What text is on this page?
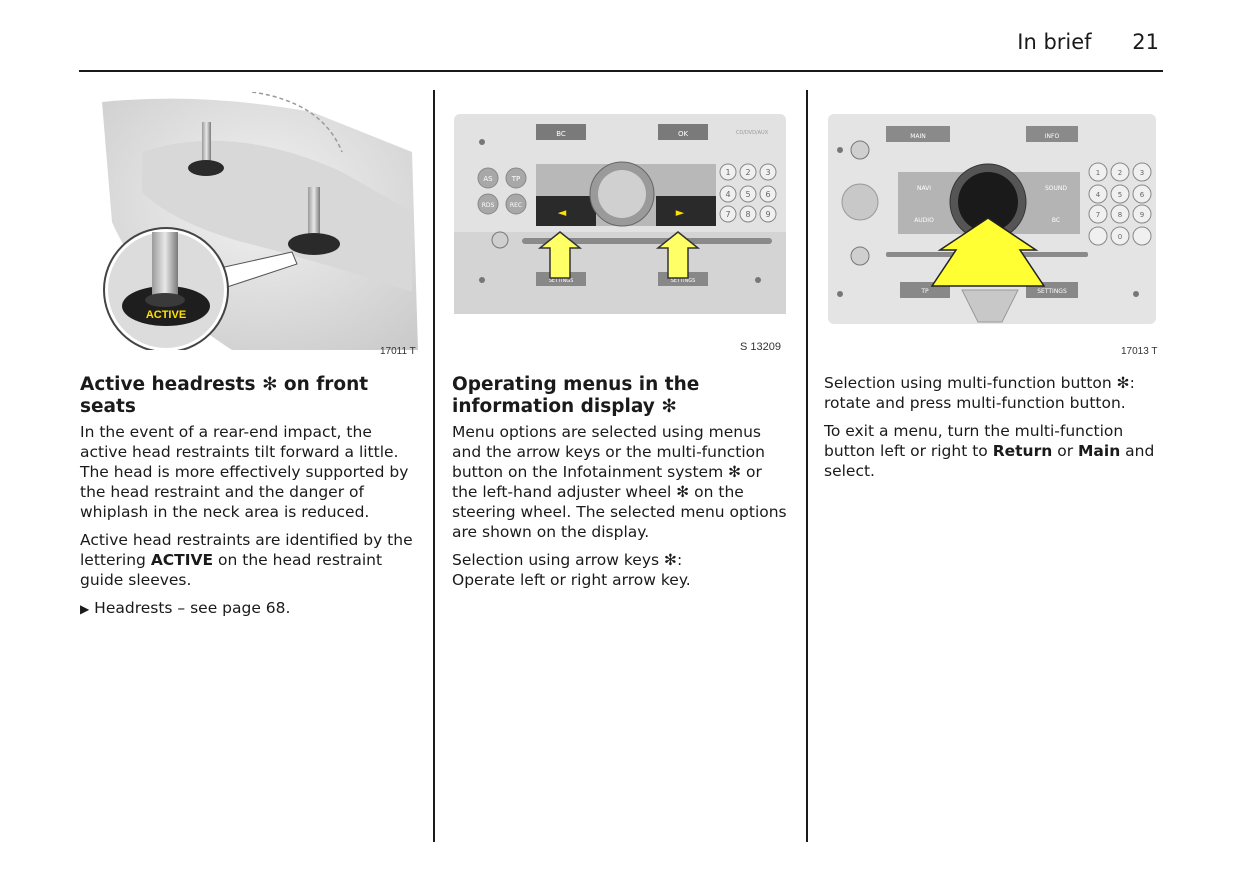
In brief 21
ACTIVE
17011 T
BC	OK	CD/DVD/AUX
AS	TP
RDS	REC
◄	►
1 2 3
4 5 6
7 8 9
SETTINGS	SETTINGS
S 13209
MAIN	INFO
NAVI	SOUND
AUDIO	BC
1	2	3
4	5	6
7	8	9
0
TP	SETTINGS
17013 T
Active headrests ✻ on front seats

In the event of a rear-end impact, the active head restraints tilt forward a little. The head is more effectively supported by the head restraint and the danger of whiplash in the neck area is reduced.

Active head restraints are identified by the lettering ACTIVE on the head restraint guide sleeves.

▶ Headrests – see page 68.

Operating menus in the information display ✻

Menu options are selected using menus and the arrow keys or the multi-function button on the Infotainment system ✻ or the left-hand adjuster wheel ✻ on the steering wheel. The selected menu options are shown on the display.

Selection using arrow keys ✻:
Operate left or right arrow key.

Selection using multi-function button ✻:
rotate and press multi-function button.

To exit a menu, turn the multi-function button left or right to Return or Main and select.
